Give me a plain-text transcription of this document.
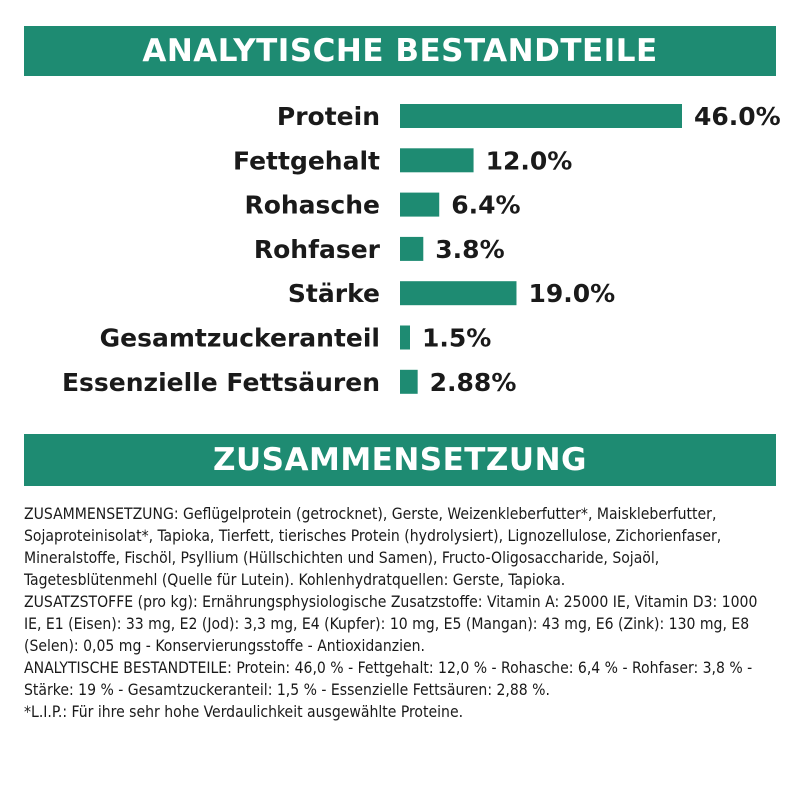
ANALYTISCHE BESTANDTEILE
Protein	46.0%
Fettgehalt	12.0%
Rohasche	6.4%
Rohfaser 3.8%
Stärke	19.0%
Gesamtzuckeranteil 1.5%
Essenzielle Fettsäuren 2.88%
ZUSAMMENSETZUNG

ZUSAMMENSETZUNG: Geflügelprotein (getrocknet), Gerste, Weizenkleberfutter*, Maiskleberfutter, Sojaproteinisolat*, Tapioka, Tierfett, tierisches Protein (hydrolysiert), Lignozellulose, Zichorienfaser, Mineralstoffe, Fischöl, Psyllium (Hüllschichten und Samen), Fructo-Oligosaccharide, Sojaöl, Tagetesblütenmehl (Quelle für Lutein). Kohlenhydratquellen: Gerste, Tapioka.

ZUSATZSTOFFE (pro kg): Ernährungsphysiologische Zusatzstoffe: Vitamin A: 25000 IE, Vitamin D3: 1000 IE, E1 (Eisen): 33 mg, E2 (Jod): 3,3 mg, E4 (Kupfer): 10 mg, E5 (Mangan): 43 mg, E6 (Zink): 130 mg, E8 (Selen): 0,05 mg - Konservierungsstoffe - Antioxidanzien.

ANALYTISCHE BESTANDTEILE: Protein: 46,0 % - Fettgehalt: 12,0 % - Rohasche: 6,4 % - Rohfaser: 3,8 % - Stärke: 19 % - Gesamtzuckeranteil: 1,5 % - Essenzielle Fettsäuren: 2,88 %.

*L.I.P.: Für ihre sehr hohe Verdaulichkeit ausgewählte Proteine.
